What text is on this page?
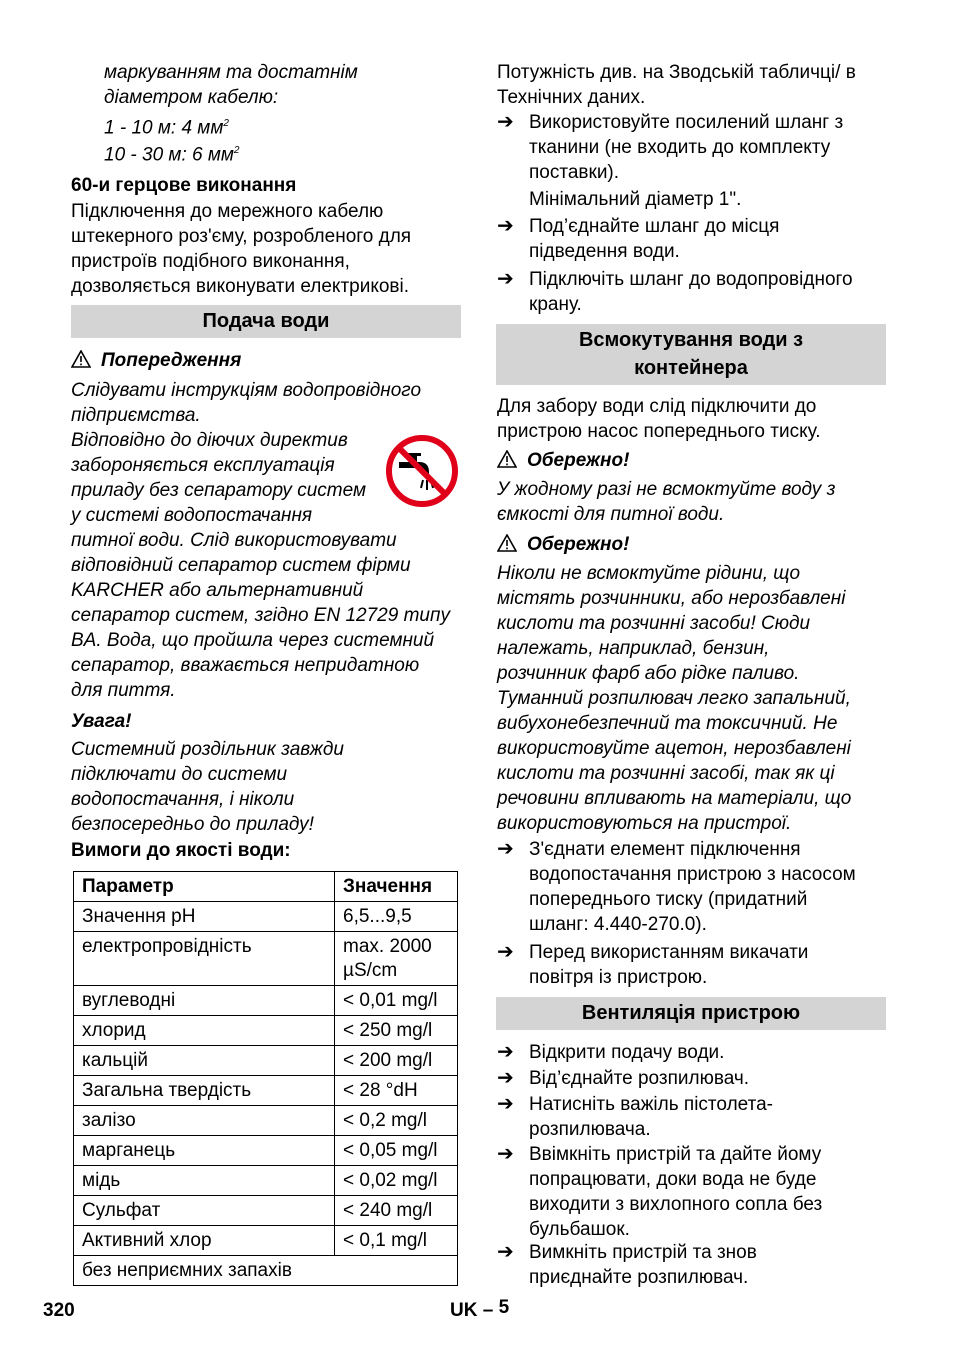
маркуванням та достатнім
діаметром кабелю:
1 - 10 м: 4 $мм^2$
10 - 30 м: 6 $мм^2$
60-и герцове виконання
Підключення до мережного кабелю
штекерного роз'єму, розробленого для
пристроїв подібного виконання,
дозволяється виконувати електрикові.
Подача води
Попередження
Слідувати інструкціям водопровідного
підприємства.
Відповідно до діючих директив
забороняється експлуатація
приладу без сепаратору систем
у системі водопостачання
питної води. Слід використовувати
відповідний сепаратор систем фірми
KARCHER або альтернативний
сепаратор систем, згідно EN 12729 типу
BA. Вода, що пройшла через системний
сепаратор, вважається непридатною
для пиття.
Увага!
Системний роздільник завжди
підключати до системи
водопостачання, і ніколи
безпосередньо до приладу!
Вимоги до якості води:
Параметр	Значення
Значення pH	6,5...9,5
електропровідність	max. 2000 µS/cm
вуглеводні	< 0,01 mg/l
хлорид	< 250 mg/l
кальцій	< 200 mg/l
Загальна твердість	< 28 °dH
залізо	< 0,2 mg/l
марганець	< 0,05 mg/l
мідь	< 0,02 mg/l
Сульфат	< 240 mg/l
Активний хлор	< 0,1 mg/l
без неприємних запахів	
Потужність див. на Зводській табличці/ в
Технічних даних.
➔ Використовуйте посилений шланг з
тканини (не входить до комплекту
поставки).
Мінімальний діаметр 1".
➔ Под’єднайте шланг до місця
підведення води.
➔ Підключіть шланг до водопровідного
крану.
Всмокутування води з
контейнера
Для забору води слід підключити до
пристрою насос попереднього тиску.
Обережно!
У жодному разі не всмоктуйте воду з
ємкості для питної води.
Обережно!
Ніколи не всмоктуйте рідини, що
містять розчинники, або нерозбавлені
кислоти та розчинні засоби! Сюди
належать, наприклад, бензин,
розчинник фарб або рідке паливо.
Туманний розпилювач легко запальний,
вибухонебезпечний та токсичний. Не
використовуйте ацетон, нерозбавлені
кислоти та розчинні засобі, так як ці
речовини впливають на матеріали, що
використовуються на пристрої.
➔ З'єднати елемент підключення
водопостачання пристрою з насосом
попереднього тиску (придатний
шланг: 4.440-270.0).
➔ Перед використанням викачати
повітря із пристрою.
Вентиляція пристрою
➔ Відкрити подачу води.
➔ Від’єднайте розпилювач.
➔ Натисніть важіль пістолета-
розпилювача.
➔ Ввімкніть пристрій та дайте йому
попрацювати, доки вода не буде
виходити з вихлопного сопла без
бульбашок.
➔ Вимкніть пристрій та знов
приєднайте розпилювач.
320	UK – 5
